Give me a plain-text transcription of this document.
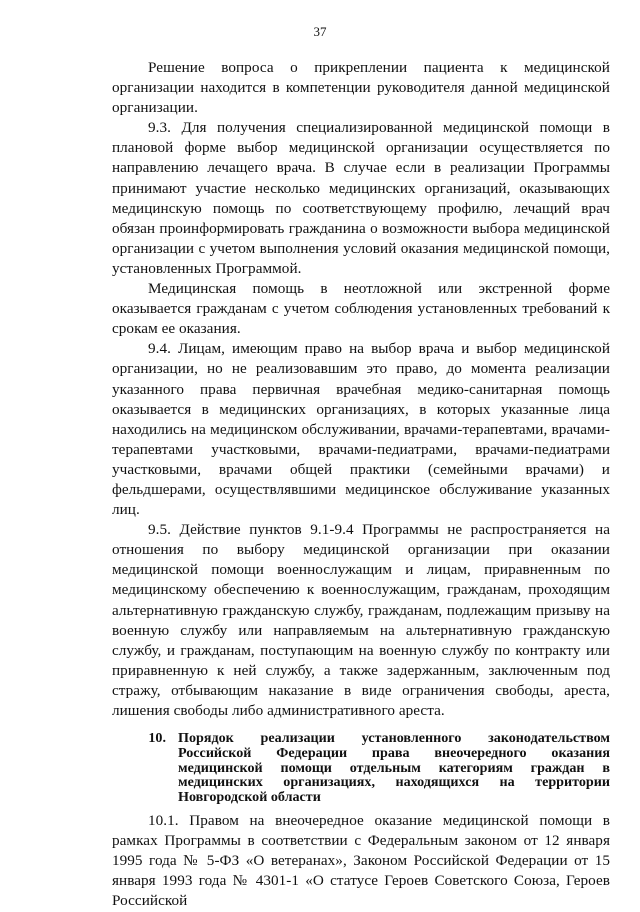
37

Решение вопроса о прикреплении пациента к медицинской организации находится в компетенции руководителя данной медицинской организации.

9.3. Для получения специализированной медицинской помощи в плановой форме выбор медицинской организации осуществляется по направлению лечащего врача. В случае если в реализации Программы принимают участие несколько медицинских организаций, оказывающих медицинскую помощь по соответствующему профилю, лечащий врач обязан проинформировать гражданина о возможности выбора медицинской организации с учетом выполнения условий оказания медицинской помощи, установленных Программой.

Медицинская помощь в неотложной или экстренной форме оказывается гражданам с учетом соблюдения установленных требований к срокам ее оказания.

9.4. Лицам, имеющим право на выбор врача и выбор медицинской организации, но не реализовавшим это право, до момента реализации указанного права первичная врачебная медико-санитарная помощь оказывается в медицинских организациях, в которых указанные лица находились на медицинском обслуживании, врачами-терапевтами, врачами-терапевтами участковыми, врачами-педиатрами, врачами-педиатрами участковыми, врачами общей практики (семейными врачами) и фельдшерами, осуществлявшими медицинское обслуживание указанных лиц.

9.5. Действие пунктов 9.1-9.4 Программы не распространяется на отношения по выбору медицинской организации при оказании медицинской помощи военнослужащим и лицам, приравненным по медицинскому обеспечению к военнослужащим, гражданам, проходящим альтернативную гражданскую службу, гражданам, подлежащим призыву на военную службу или направляемым на альтернативную гражданскую службу, и гражданам, поступающим на военную службу по контракту или приравненную к ней службу, а также задержанным, заключенным под стражу, отбывающим наказание в виде ограничения свободы, ареста, лишения свободы либо административного ареста.

10. Порядок реализации установленного законодательством Российской Федерации права внеочередного оказания медицинской помощи отдельным категориям граждан в медицинских организациях, находящихся на территории Новгородской области

10.1. Правом на внеочередное оказание медицинской помощи в рамках Программы в соответствии с Федеральным законом от 12 января 1995 года № 5-ФЗ «О ветеранах», Законом Российской Федерации от 15 января 1993 года № 4301-1 «О статусе Героев Советского Союза, Героев Российской
